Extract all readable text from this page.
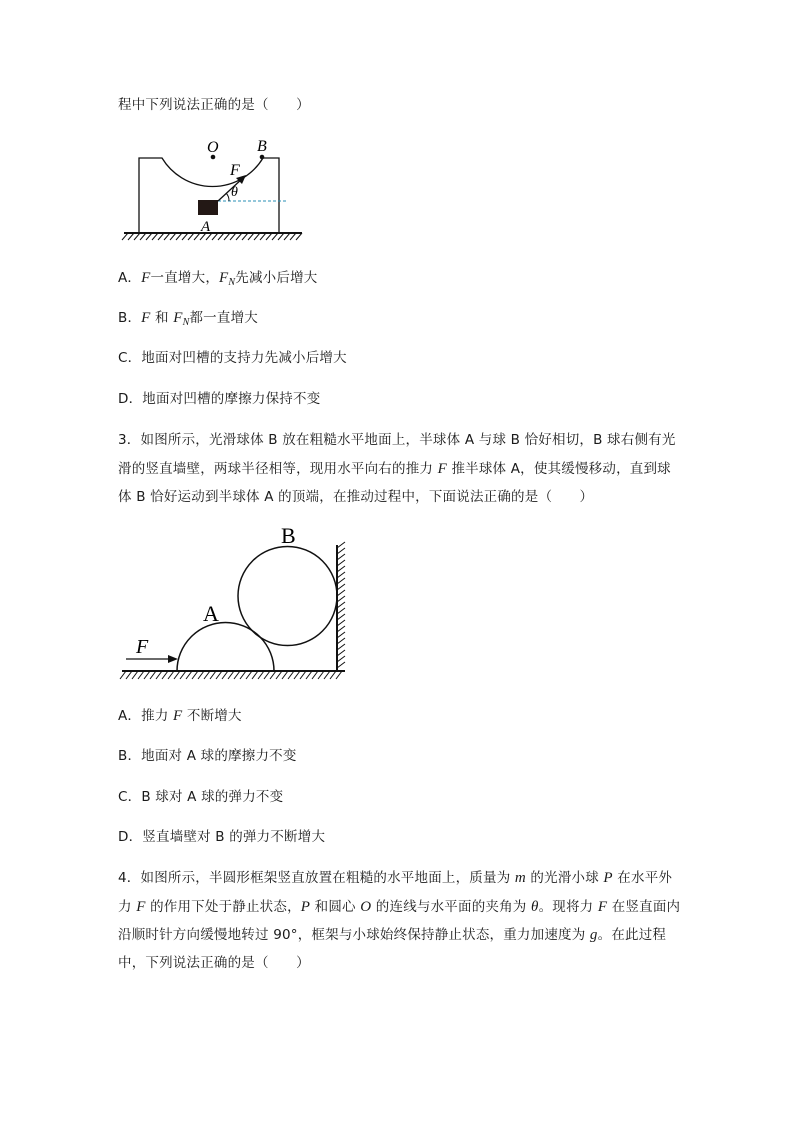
程中下列说法正确的是（　　）
O B
F
θ
A
A．F一直增大，$F_N$先减小后增大
B．F 和 $F_N$都一直增大
C．地面对凹槽的支持力先减小后增大
D．地面对凹槽的摩擦力保持不变
3．如图所示，光滑球体 B 放在粗糙水平地面上，半球体 A 与球 B 恰好相切，B 球右侧有光
滑的竖直墙壁，两球半径相等，现用水平向右的推力 F 推半球体 A，使其缓慢移动，直到球
体 B 恰好运动到半球体 A 的顶端，在推动过程中，下面说法正确的是（　　）
A
B
F
A．推力 F 不断增大
B．地面对 A 球的摩擦力不变
C．B 球对 A 球的弹力不变
D．竖直墙壁对 B 的弹力不断增大
4．如图所示，半圆形框架竖直放置在粗糙的水平地面上，质量为 m 的光滑小球 P 在水平外
力 F 的作用下处于静止状态，P 和圆心 O 的连线与水平面的夹角为 θ。现将力 F 在竖直面内
沿顺时针方向缓慢地转过 90°，框架与小球始终保持静止状态，重力加速度为 g。在此过程
中，下列说法正确的是（　　）
